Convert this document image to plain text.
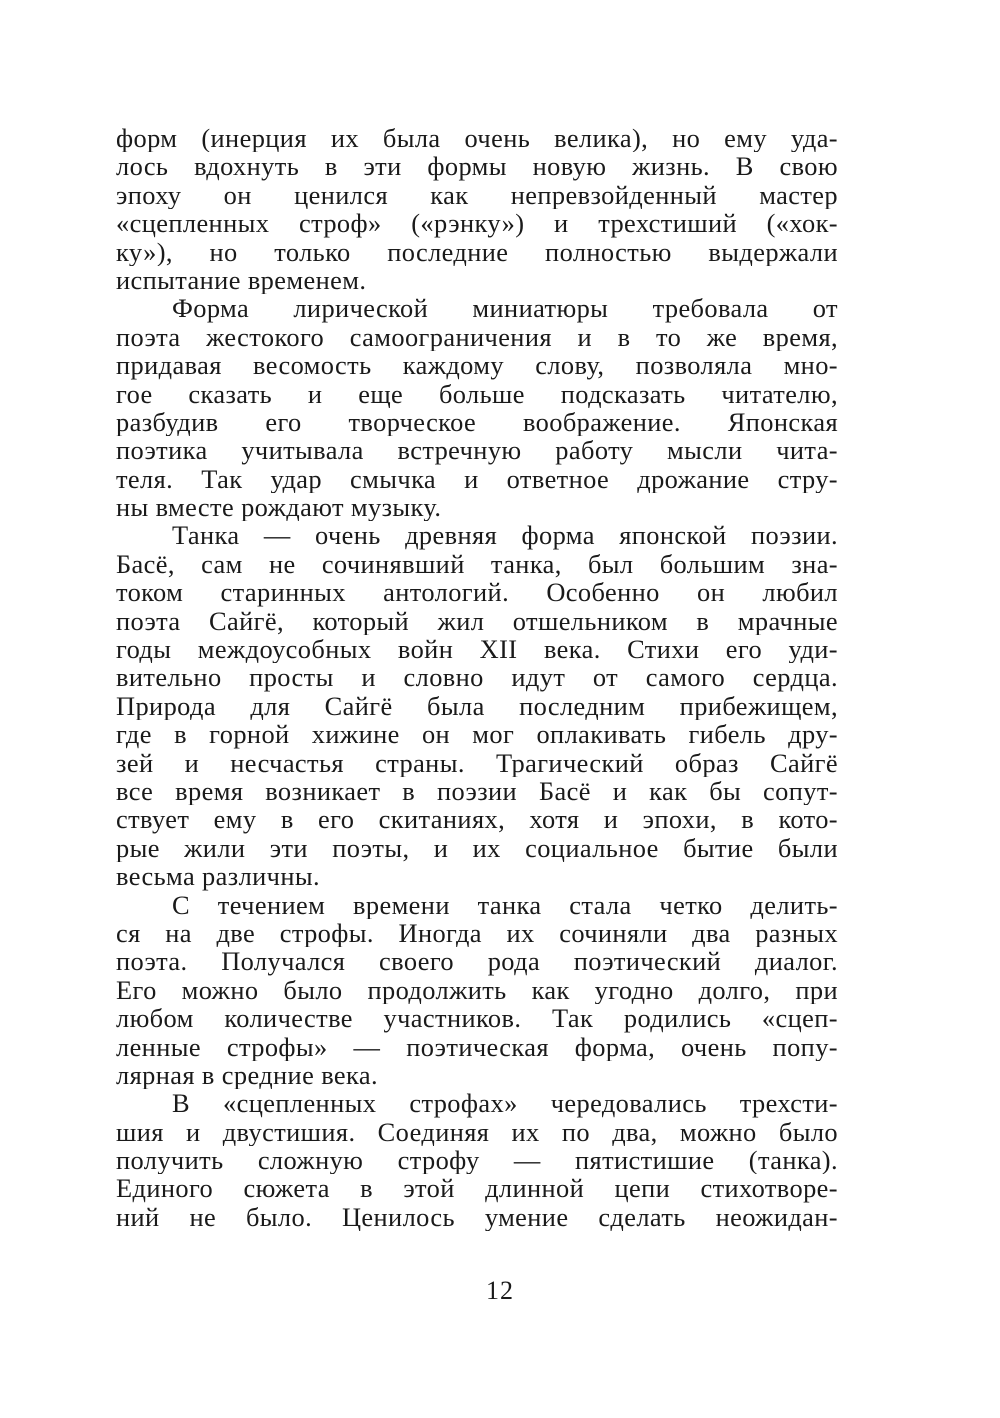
форм (инерция их была очень велика), но ему уда-
лось вдохнуть в эти формы новую жизнь. В свою
эпоху он ценился как непревзойденный мастер
«сцепленных строф» («рэнку») и трехстиший («хок-
ку»), но только последние полностью выдержали
испытание временем.
Форма лирической миниатюры требовала от
поэта жестокого самоограничения и в то же время,
придавая весомость каждому слову, позволяла мно-
гое сказать и еще больше подсказать читателю,
разбудив его творческое воображение. Японская
поэтика учитывала встречную работу мысли чита-
теля. Так удар смычка и ответное дрожание стру-
ны вместе рождают музыку.
Танка — очень древняя форма японской поэзии.
Басё, сам не сочинявший танка, был большим зна-
током старинных антологий. Особенно он любил
поэта Сайгё, который жил отшельником в мрачные
годы междоусобных войн XII века. Стихи его уди-
вительно просты и словно идут от самого сердца.
Природа для Сайгё была последним прибежищем,
где в горной хижине он мог оплакивать гибель дру-
зей и несчастья страны. Трагический образ Сайгё
все время возникает в поэзии Басё и как бы сопут-
ствует ему в его скитаниях, хотя и эпохи, в кото-
рые жили эти поэты, и их социальное бытие были
весьма различны.
С течением времени танка стала четко делить-
ся на две строфы. Иногда их сочиняли два разных
поэта. Получался своего рода поэтический диалог.
Его можно было продолжить как угодно долго, при
любом количестве участников. Так родились «сцеп-
ленные строфы» — поэтическая форма, очень попу-
лярная в средние века.
В «сцепленных строфах» чередовались трехсти-
шия и двустишия. Соединяя их по два, можно было
получить сложную строфу — пятистишие (танка).
Единого сюжета в этой длинной цепи стихотворе-
ний не было. Ценилось умение сделать неожидан-
12
